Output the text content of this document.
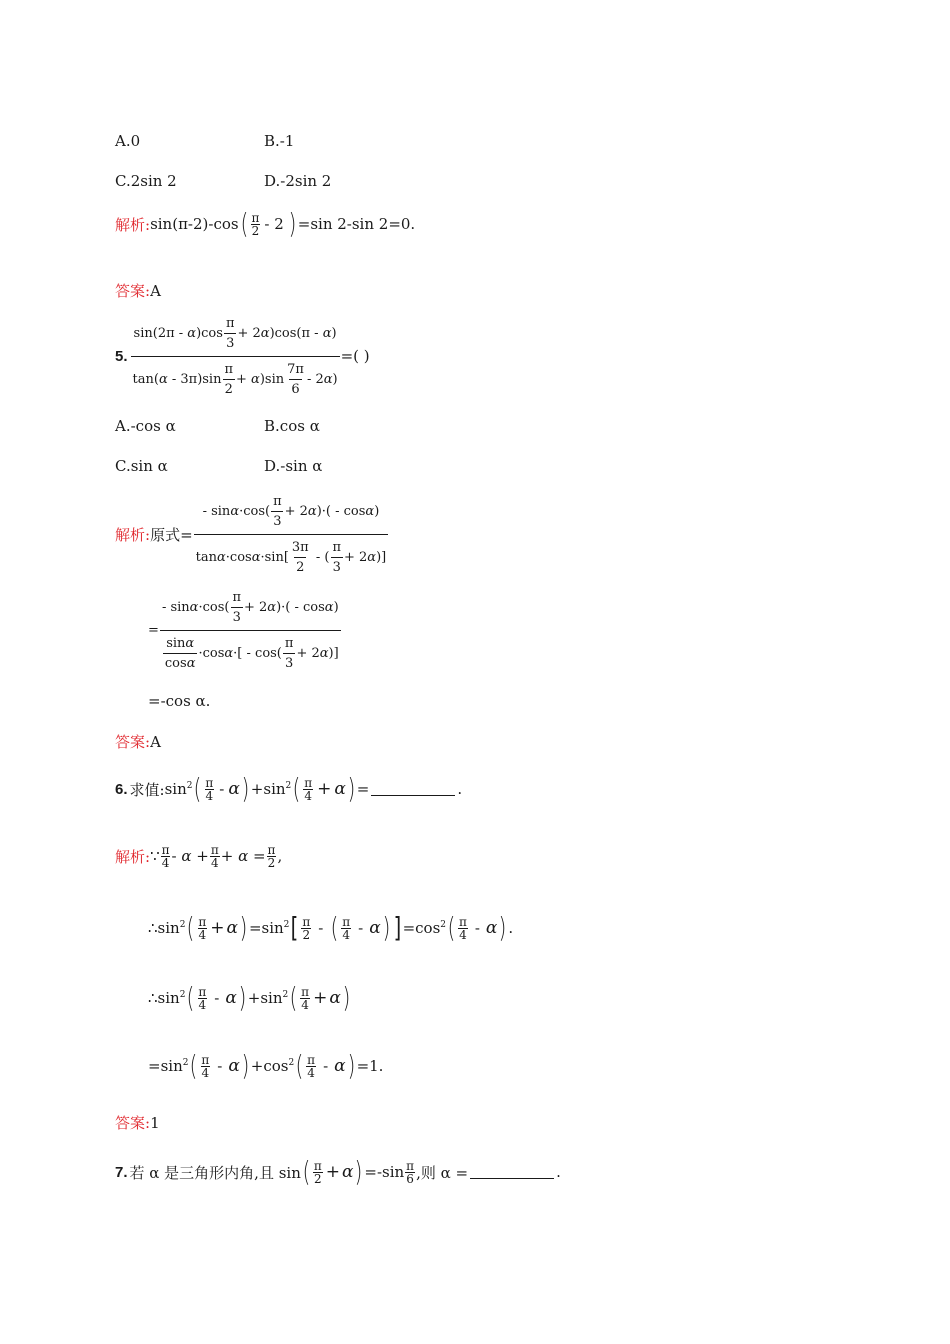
A.0	B.-1
C.2sin 2	D.-2sin 2
解析: sin(π-2)-cos ( $\frac{\pi}{2} - 2$ ) =sin 2-sin 2=0.
答案:A
5. $\frac{\sin(2\pi - \alpha)\cos \frac{\pi}{3} + 2\alpha)\cos(\pi - \alpha)}{\tan(\alpha - 3\pi)\sin \frac{\pi}{2} + \alpha)\sin \frac{7\pi}{6} - 2\alpha)}$ =( )
A.-cos α	B.cos α
C.sin α	D.-sin α
解析: 原式= $\frac{- \sin\alpha\cdot\cos( \frac{\pi}{3} + 2\alpha)\cdot( - \cos\alpha)}{\tan\alpha\cdot\cos\alpha\cdot\sin[ \frac{3\pi}{2} - ( \frac{\pi}{3} + 2\alpha)]}$
= $\frac{- \sin\alpha\cdot\cos( \frac{\pi}{3} + 2\alpha)\cdot( - \cos\alpha)}{\frac{\sin\alpha}{\cos\alpha} \cdot\cos\alpha\cdot[ - \cos( \frac{\pi}{3} + 2\alpha)]}$
=-cos α.
答案:A
6. 求值: $\sin^2$ ( $\frac{\pi}{4}$ - α ) $+\sin^2$ ( $\frac{\pi}{4} + \alpha$ ) =	.
解析: ∵ $\frac{\pi}{4} - \alpha + \frac{\pi}{4} + \alpha = \frac{\pi}{2}$ ,
∴ $\sin^2$ ( $\frac{\pi}{4} + \alpha$ ) $=\sin^2$ [ $\frac{\pi}{2}$ - ( $\frac{\pi}{4}$ - α ) ] $=\cos^2$ ( $\frac{\pi}{4}$ - α ) .
∴ $\sin^2$ ( $\frac{\pi}{4}$ - α ) $+\sin^2$ ( $\frac{\pi}{4} + \alpha$ )
$=\sin^2$ ( $\frac{\pi}{4}$ - α ) $+\cos^2$ ( $\frac{\pi}{4}$ - α ) =1.
答案:1
7. 若 α 是三角形内角,且 sin ( $\frac{\pi}{2} + \alpha$ ) $=-\sin \frac{\pi}{6}$ ,则 α =	.
